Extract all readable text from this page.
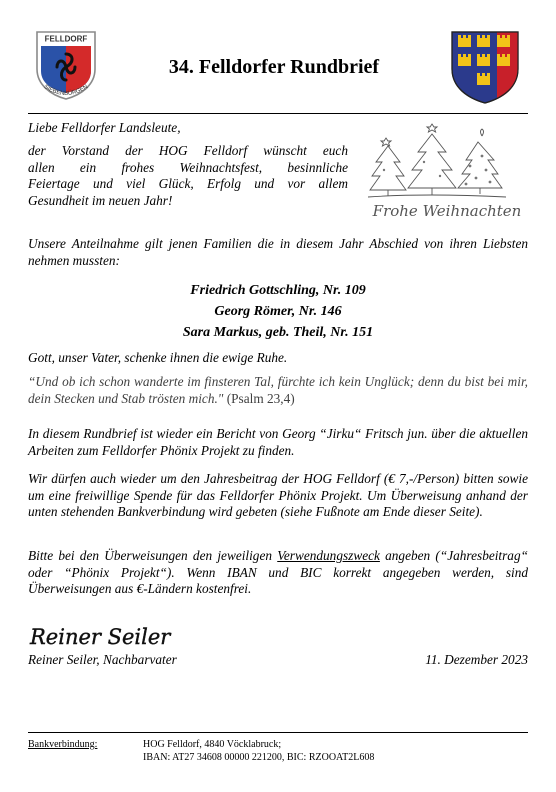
FELLDORF
SIEBENBÜRGEN
34. Felldorfer Rundbrief
Liebe Felldorfer Landsleute,
der Vorstand der HOG Felldorf wünscht euch
allen ein frohes Weihnachtsfest, besinnliche
Feiertage und viel Glück, Erfolg und vor allem
Gesundheit im neuen Jahr!
Frohe Weihnachten
Unsere Anteilnahme gilt jenen Familien die in diesem Jahr Abschied von ihren Liebsten nehmen mussten:
Friedrich Gottschling, Nr. 109
Georg Römer, Nr. 146
Sara Markus, geb. Theil, Nr. 151
Gott, unser Vater, schenke ihnen die ewige Ruhe.
“Und ob ich schon wanderte im finsteren Tal, fürchte ich kein Unglück; denn du bist bei mir, dein Stecken und Stab trösten mich." (Psalm 23,4)
In diesem Rundbrief ist wieder ein Bericht von Georg “Jirku“ Fritsch jun. über die aktuellen Arbeiten zum Felldorfer Phönix Projekt zu finden.
Wir dürfen auch wieder um den Jahresbeitrag der HOG Felldorf (€ 7,-/Person) bitten sowie um eine freiwillige Spende für das Felldorfer Phönix Projekt. Um Überweisung anhand der unten stehenden Bankverbindung wird gebeten (siehe Fußnote am Ende dieser Seite).
Bitte bei den Überweisungen den jeweiligen Verwendungszweck angeben (“Jahresbeitrag“ oder “Phönix Projekt“). Wenn IBAN und BIC korrekt angegeben werden, sind Überweisungen aus €-Ländern kostenfrei.
Reiner Seiler
Reiner Seiler, Nachbarvater	11. Dezember 2023
Bankverbindung:	HOG Felldorf, 4840 Vöcklabruck;
IBAN: AT27 34608 00000 221200, BIC: RZOOAT2L608
